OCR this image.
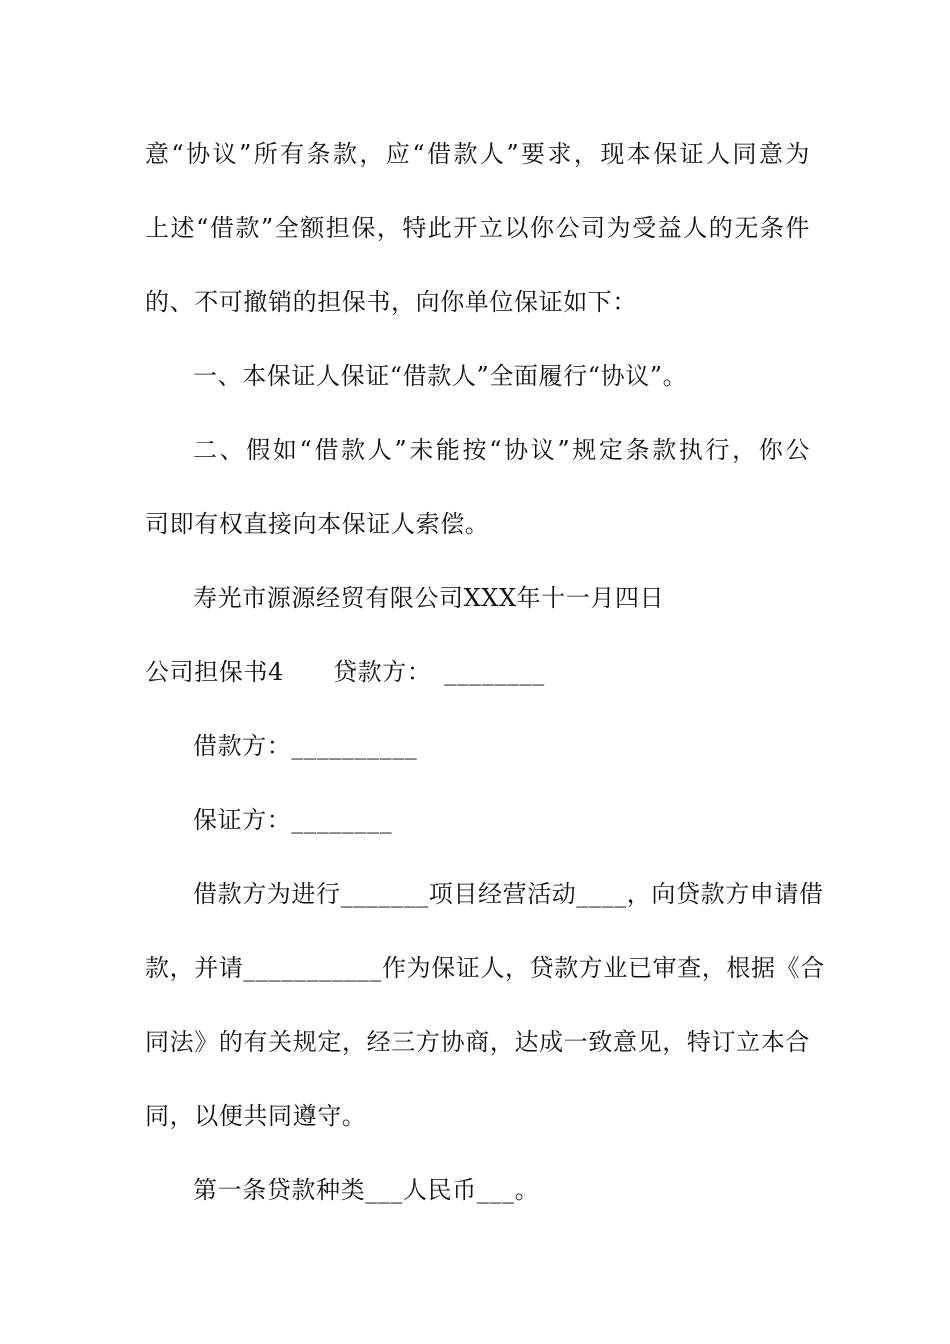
意“协议”所有条款，应“借款人”要求，现本保证人同意为
上述“借款”全额担保，特此开立以你公司为受益人的无条件
的、不可撤销的担保书，向你单位保证如下：
一、本保证人保证“借款人”全面履行“协议”。
二、假如“借款人”未能按“协议”规定条款执行，你公
司即有权直接向本保证人索偿。
寿光市源源经贸有限公司XXX年十一月四日
公司担保书4　　贷款方：　________
借款方：__________
保证方：________
借款方为进行_______项目经营活动____，向贷款方申请借
款，并请___________作为保证人，贷款方业已审查，根据《合
同法》的有关规定，经三方协商，达成一致意见，特订立本合
同，以便共同遵守。
第一条贷款种类___人民币___。
